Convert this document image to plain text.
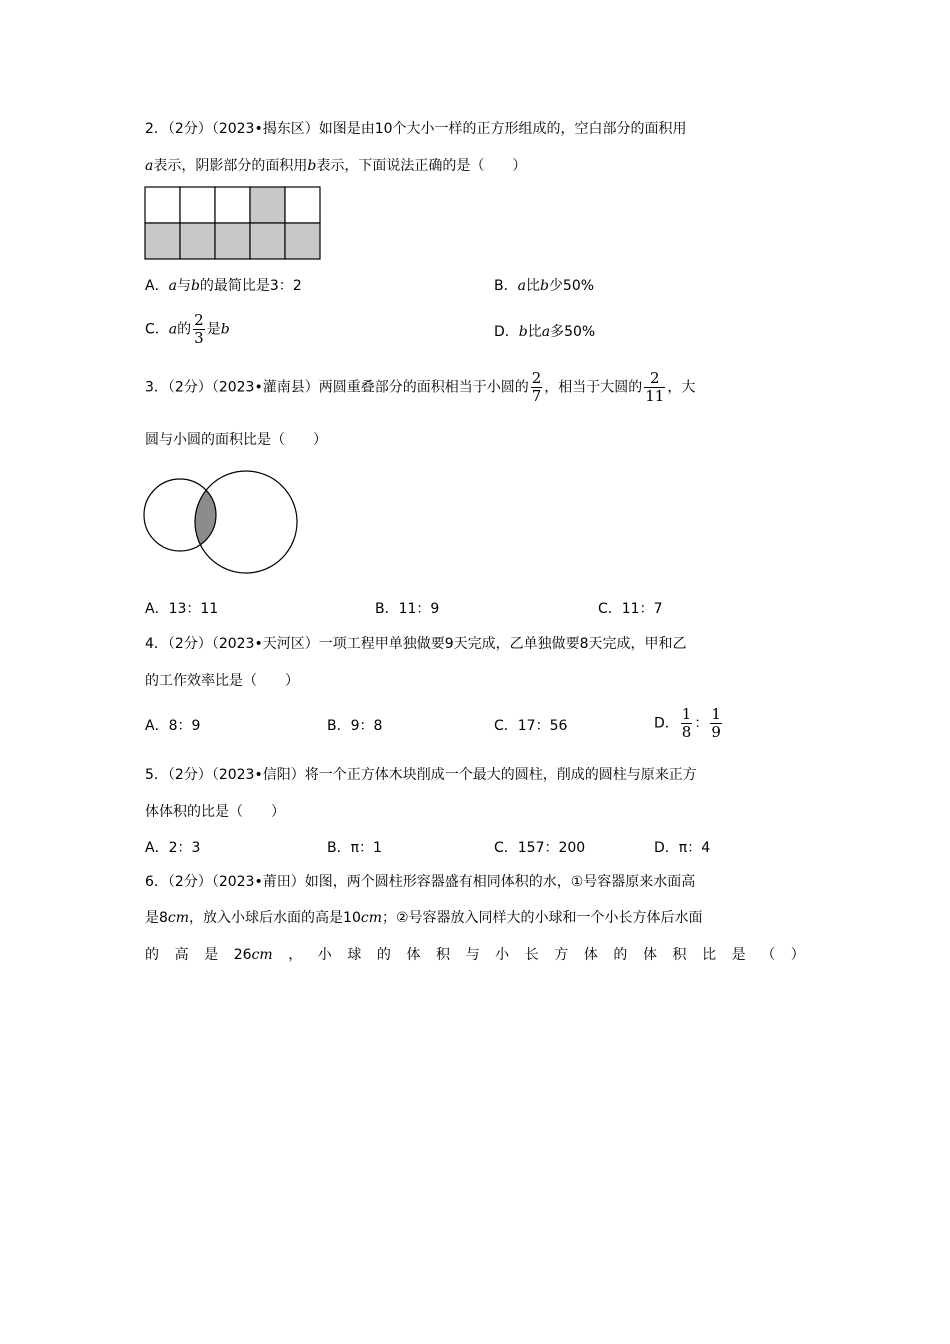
2．（2分）（2023•揭东区）如图是由10个大小一样的正方形组成的，空白部分的面积用
a表示，阴影部分的面积用b表示，下面说法正确的是（　　）
A．a与b的最简比是3：2	B．a比b少50%
C．a的 $\frac{2}{3}$ 是b	D．b比a多50%
3．（2分）（2023•灌南县）两圆重叠部分的面积相当于小圆的 $\frac{2}{7}$ ，相当于大圆的 $\frac{2}{11}$ ，大
圆与小圆的面积比是（　　）
A．13：11	B．11：9	C．11：7
4．（2分）（2023•天河区）一项工程甲单独做要9天完成，乙单独做要8天完成，甲和乙
的工作效率比是（　　）
A．8：9	B．9：8	C．17：56	D． $\frac{1}{8}$ ： $\frac{1}{9}$
5．（2分）（2023•信阳）将一个正方体木块削成一个最大的圆柱，削成的圆柱与原来正方
体体积的比是（　　）
A．2：3	B．π：1	C．157：200	D．π：4
6．（2分）（2023•莆田）如图，两个圆柱形容器盛有相同体积的水，①号容器原来水面高
是8cm，放入小球后水面的高是10cm；②号容器放入同样大的小球和一个小长方体后水面
的 高 是 26cm ， 小 球 的 体 积 与 小 长 方 体 的 体 积 比 是 （ ）
